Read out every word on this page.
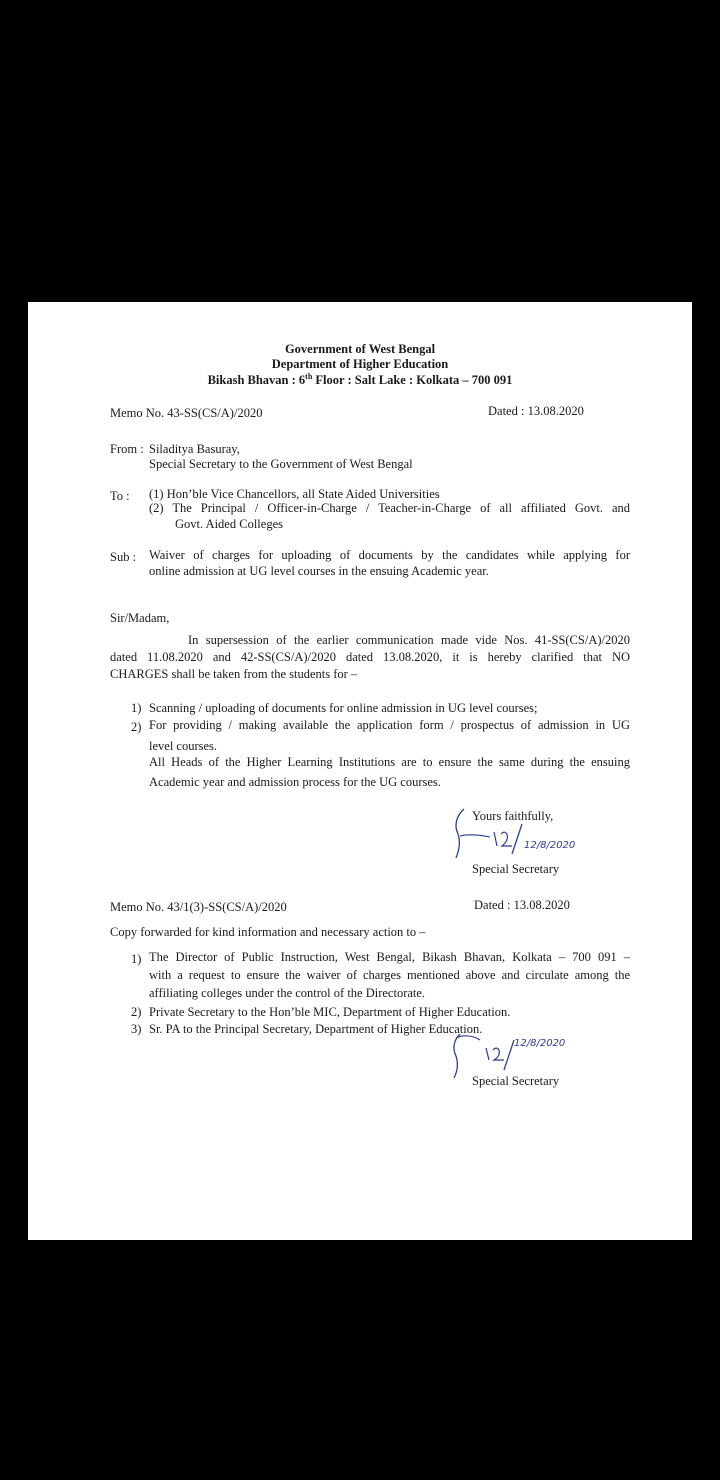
Government of West Bengal
Department of Higher Education
Bikash Bhavan : 6th Floor : Salt Lake : Kolkata – 700 091
Memo No. 43-SS(CS/A)/2020	Dated : 13.08.2020
From : Siladitya Basuray,
Special Secretary to the Government of West Bengal
To : (1) Hon’ble Vice Chancellors, all State Aided Universities
(2) The Principal / Officer-in-Charge / Teacher-in-Charge of all affiliated Govt. and
Govt. Aided Colleges
Sub : Waiver of charges for uploading of documents by the candidates while applying for
online admission at UG level courses in the ensuing Academic year.
Sir/Madam,
In supersession of the earlier communication made vide Nos. 41-SS(CS/A)/2020
dated 11.08.2020 and 42-SS(CS/A)/2020 dated 13.08.2020, it is hereby clarified that NO
CHARGES shall be taken from the students for –
1) Scanning / uploading of documents for online admission in UG level courses;
2) For providing / making available the application form / prospectus of admission in UG
level courses.
All Heads of the Higher Learning Institutions are to ensure the same during the ensuing
Academic year and admission process for the UG courses.
Yours faithfully,
12/8/2020
Special Secretary
Memo No. 43/1(3)-SS(CS/A)/2020	Dated : 13.08.2020
Copy forwarded for kind information and necessary action to –
1) The Director of Public Instruction, West Bengal, Bikash Bhavan, Kolkata – 700 091 –
with a request to ensure the waiver of charges mentioned above and circulate among the
affiliating colleges under the control of the Directorate.
2) Private Secretary to the Hon’ble MIC, Department of Higher Education.
3) Sr. PA to the Principal Secretary, Department of Higher Education.
12/8/2020
Special Secretary
